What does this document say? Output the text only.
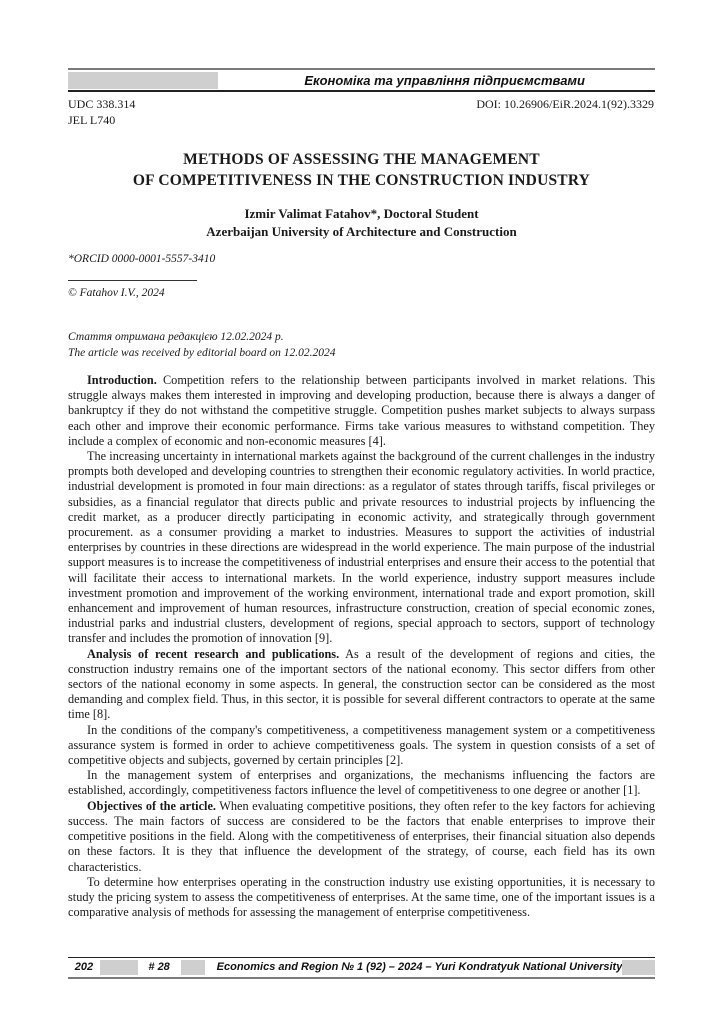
Економіка та управління підприємствами
UDC 338.314
JEL L740
DOI: 10.26906/EiR.2024.1(92).3329
METHODS OF ASSESSING THE MANAGEMENT
OF COMPETITIVENESS IN THE CONSTRUCTION INDUSTRY
Izmir Valimat Fatahov*, Doctoral Student
Azerbaijan University of Architecture and Construction
*ORCID 0000-0001-5557-3410
© Fatahov I.V., 2024
Стаття отримана редакцією 12.02.2024 р.
The article was received by editorial board on 12.02.2024

Introduction. Competition refers to the relationship between participants involved in market relations. This struggle always makes them interested in improving and developing production, because there is always a danger of bankruptcy if they do not withstand the competitive struggle. Competition pushes market subjects to always surpass each other and improve their economic performance. Firms take various measures to withstand competition. They include a complex of economic and non-economic measures [4].

The increasing uncertainty in international markets against the background of the current challenges in the industry prompts both developed and developing countries to strengthen their economic regulatory activities. In world practice, industrial development is promoted in four main directions: as a regulator of states through tariffs, fiscal privileges or subsidies, as a financial regulator that directs public and private resources to industrial projects by influencing the credit market, as a producer directly participating in economic activity, and strategically through government procurement. as a consumer providing a market to industries. Measures to support the activities of industrial enterprises by countries in these directions are widespread in the world experience. The main purpose of the industrial support measures is to increase the competitiveness of industrial enterprises and ensure their access to the potential that will facilitate their access to international markets. In the world experience, industry support measures include investment promotion and improvement of the working environment, international trade and export promotion, skill enhancement and improvement of human resources, infrastructure construction, creation of special economic zones, industrial parks and industrial clusters, development of regions, special approach to sectors, support of technology transfer and includes the promotion of innovation [9].

Analysis of recent research and publications. As a result of the development of regions and cities, the construction industry remains one of the important sectors of the national economy. This sector differs from other sectors of the national economy in some aspects. In general, the construction sector can be considered as the most demanding and complex field. Thus, in this sector, it is possible for several different contractors to operate at the same time [8].

In the conditions of the company's competitiveness, a competitiveness management system or a competitiveness assurance system is formed in order to achieve competitiveness goals. The system in question consists of a set of competitive objects and subjects, governed by certain principles [2].

In the management system of enterprises and organizations, the mechanisms influencing the factors are established, accordingly, competitiveness factors influence the level of competitiveness to one degree or another [1].

Objectives of the article. When evaluating competitive positions, they often refer to the key factors for achieving success. The main factors of success are considered to be the factors that enable enterprises to improve their competitive positions in the field. Along with the competitiveness of enterprises, their financial situation also depends on these factors. It is they that influence the development of the strategy, of course, each field has its own characteristics.

To determine how enterprises operating in the construction industry use existing opportunities, it is necessary to study the pricing system to assess the competitiveness of enterprises. At the same time, one of the important issues is a comparative analysis of methods for assessing the management of enterprise competitiveness.

202	# 28	Economics and Region № 1 (92) – 2024 – Yuri Kondratyuk National University
